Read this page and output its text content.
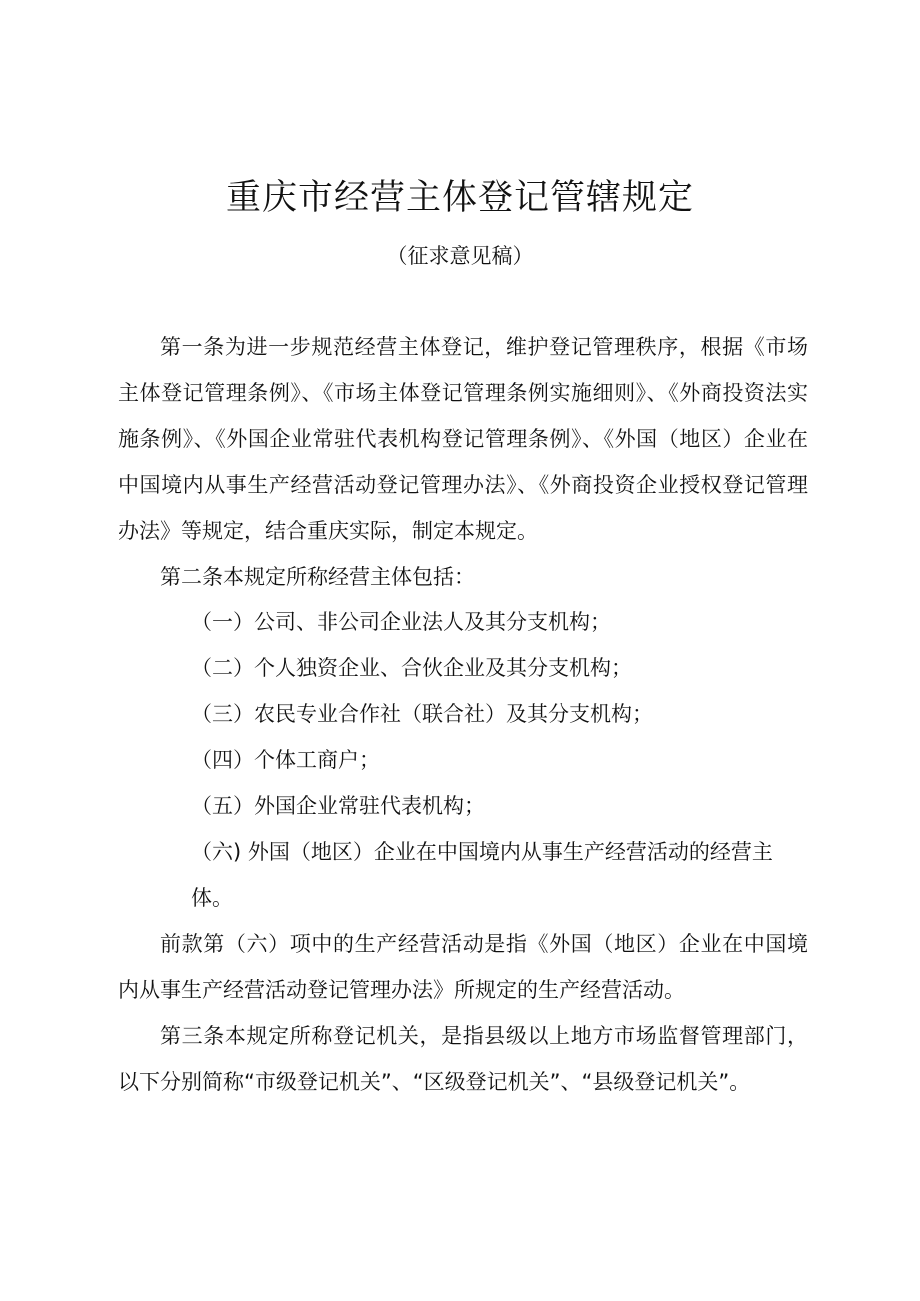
重庆市经营主体登记管辖规定
（征求意见稿）

第一条为进一步规范经营主体登记，维护登记管理秩序，根据《市场主体登记管理条例》、《市场主体登记管理条例实施细则》、《外商投资法实施条例》、《外国企业常驻代表机构登记管理条例》、《外国（地区）企业在中国境内从事生产经营活动登记管理办法》、《外商投资企业授权登记管理办法》等规定，结合重庆实际，制定本规定。

第二条本规定所称经营主体包括：

（一）公司、非公司企业法人及其分支机构；

（二）个人独资企业、合伙企业及其分支机构；

（三）农民专业合作社（联合社）及其分支机构；

（四）个体工商户；

（五）外国企业常驻代表机构；

（六) 外国（地区）企业在中国境内从事生产经营活动的经营主体。

前款第（六）项中的生产经营活动是指《外国（地区）企业在中国境内从事生产经营活动登记管理办法》所规定的生产经营活动。

第三条本规定所称登记机关，是指县级以上地方市场监督管理部门，以下分别简称“市级登记机关”、“区级登记机关”、“县级登记机关”。
